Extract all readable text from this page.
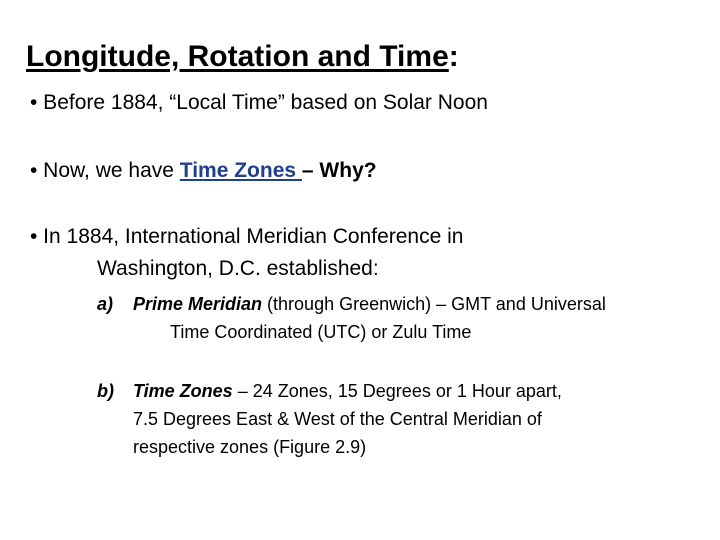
Longitude, Rotation and Time:
• Before 1884, “Local Time” based on Solar Noon
• Now, we have Time Zones – Why?
• In 1884, International Meridian Conference in
Washington, D.C. established:
a) Prime Meridian (through Greenwich) – GMT and Universal
Time Coordinated (UTC) or Zulu Time
b) Time Zones – 24 Zones, 15 Degrees or 1 Hour apart,
7.5 Degrees East & West of the Central Meridian of
respective zones (Figure 2.9)
